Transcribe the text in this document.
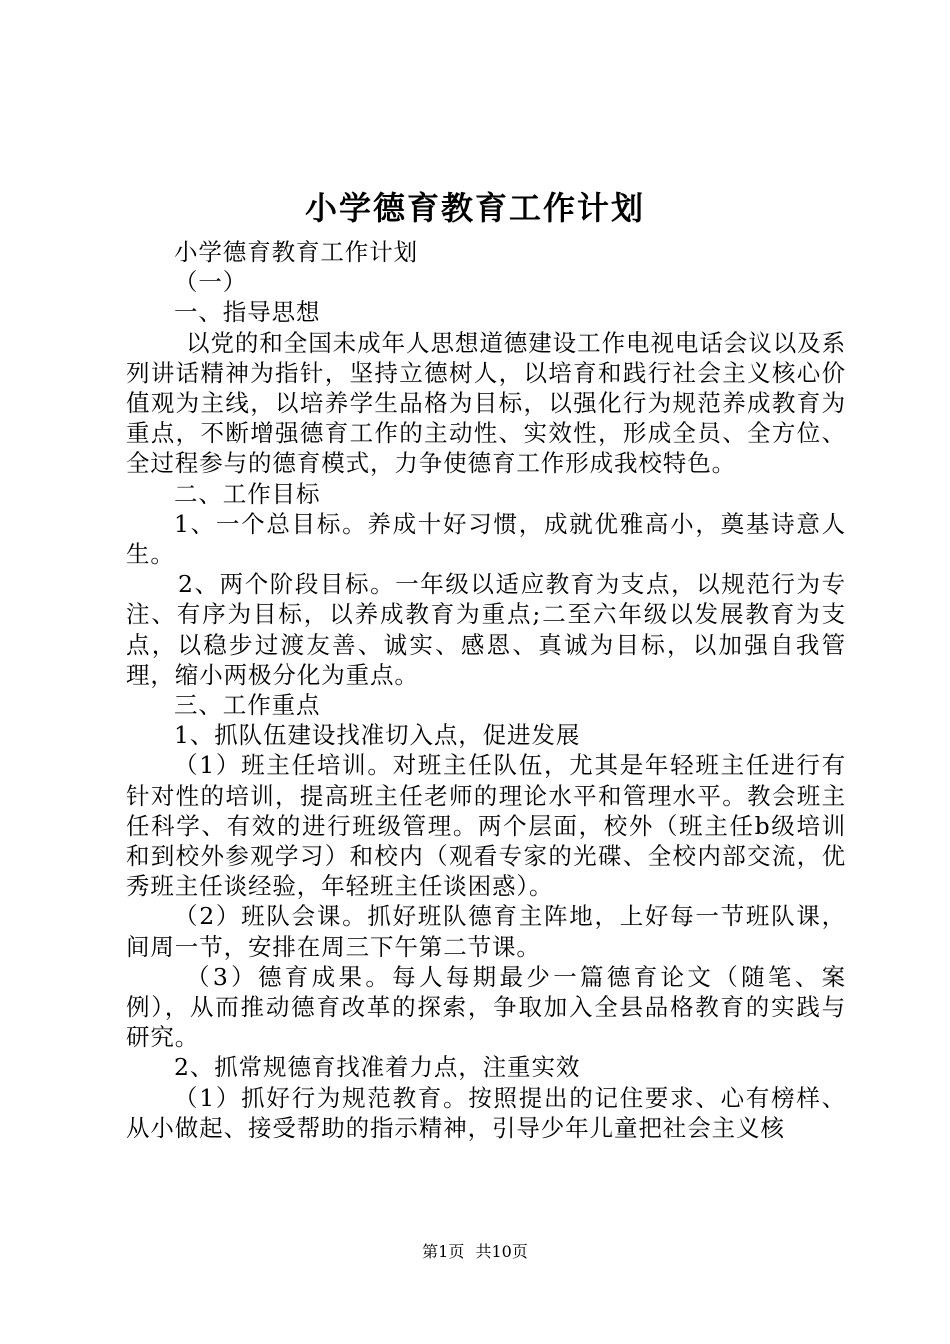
小学德育教育工作计划

小学德育教育工作计划

（一）

一、指导思想

以党的和全国未成年人思想道德建设工作电视电话会议以及系列讲话精神为指针，坚持立德树人，以培育和践行社会主义核心价值观为主线，以培养学生品格为目标，以强化行为规范养成教育为重点，不断增强德育工作的主动性、实效性，形成全员、全方位、全过程参与的德育模式，力争使德育工作形成我校特色。

二、工作目标

1、一个总目标。养成十好习惯，成就优雅高小，奠基诗意人生。

2、两个阶段目标。一年级以适应教育为支点，以规范行为专注、有序为目标，以养成教育为重点;二至六年级以发展教育为支点，以稳步过渡友善、诚实、感恩、真诚为目标，以加强自我管理，缩小两极分化为重点。

三、工作重点

1、抓队伍建设找准切入点，促进发展

（1）班主任培训。对班主任队伍，尤其是年轻班主任进行有针对性的培训，提高班主任老师的理论水平和管理水平。教会班主任科学、有效的进行班级管理。两个层面，校外（班主任b级培训和到校外参观学习）和校内（观看专家的光碟、全校内部交流，优秀班主任谈经验，年轻班主任谈困惑）。

（2）班队会课。抓好班队德育主阵地，上好每一节班队课，间周一节，安排在周三下午第二节课。

（3）德育成果。每人每期最少一篇德育论文（随笔、案例），从而推动德育改革的探索，争取加入全县品格教育的实践与研究。

2、抓常规德育找准着力点，注重实效

（1）抓好行为规范教育。按照提出的记住要求、心有榜样、从小做起、接受帮助的指示精神，引导少年儿童把社会主义核

第1页 共10页
